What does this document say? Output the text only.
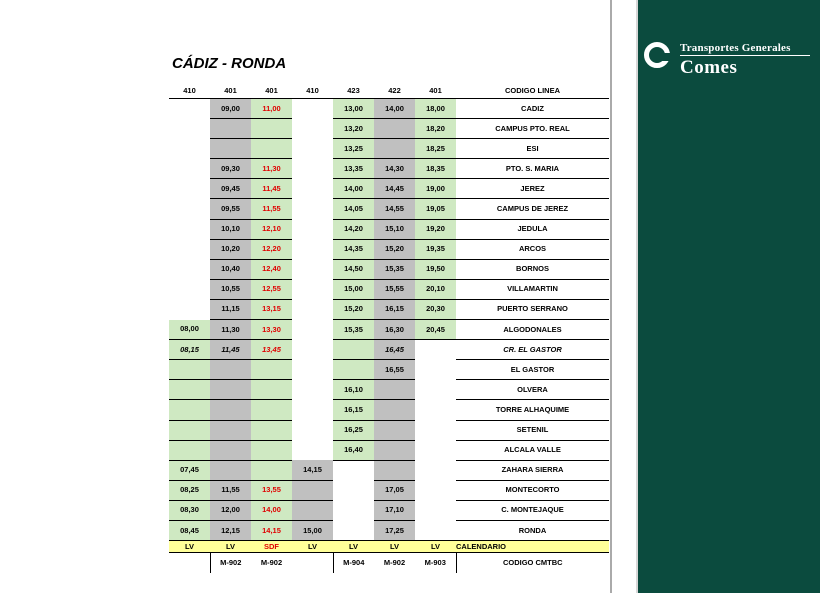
Transportes Generales
Comes
CÁDIZ - RONDA
410	401	401	410	423	422	401	CODIGO LINEA
	09,00	11,00		13,00	14,00	18,00	CADIZ
				13,20		18,20	CAMPUS PTO. REAL
				13,25		18,25	ESI
	09,30	11,30		13,35	14,30	18,35	PTO. S. MARIA
	09,45	11,45		14,00	14,45	19,00	JEREZ
	09,55	11,55		14,05	14,55	19,05	CAMPUS DE JEREZ
	10,10	12,10		14,20	15,10	19,20	JEDULA
	10,20	12,20		14,35	15,20	19,35	ARCOS
	10,40	12,40		14,50	15,35	19,50	BORNOS
	10,55	12,55		15,00	15,55	20,10	VILLAMARTIN
	11,15	13,15		15,20	16,15	20,30	PUERTO SERRANO
08,00	11,30	13,30		15,35	16,30	20,45	ALGODONALES
08,15	11,45	13,45			16,45		CR. EL GASTOR
					16,55		EL GASTOR
				16,10			OLVERA
				16,15			TORRE ALHAQUIME
				16,25			SETENIL
				16,40			ALCALA VALLE
07,45			14,15				ZAHARA SIERRA
08,25	11,55	13,55			17,05		MONTECORTO
08,30	12,00	14,00			17,10		C. MONTEJAQUE
08,45	12,15	14,15	15,00		17,25		RONDA
LV	LV	SDF	LV	LV	LV	LV	CALENDARIO
	M-902	M-902		M-904	M-902	M-903	CODIGO CMTBC
